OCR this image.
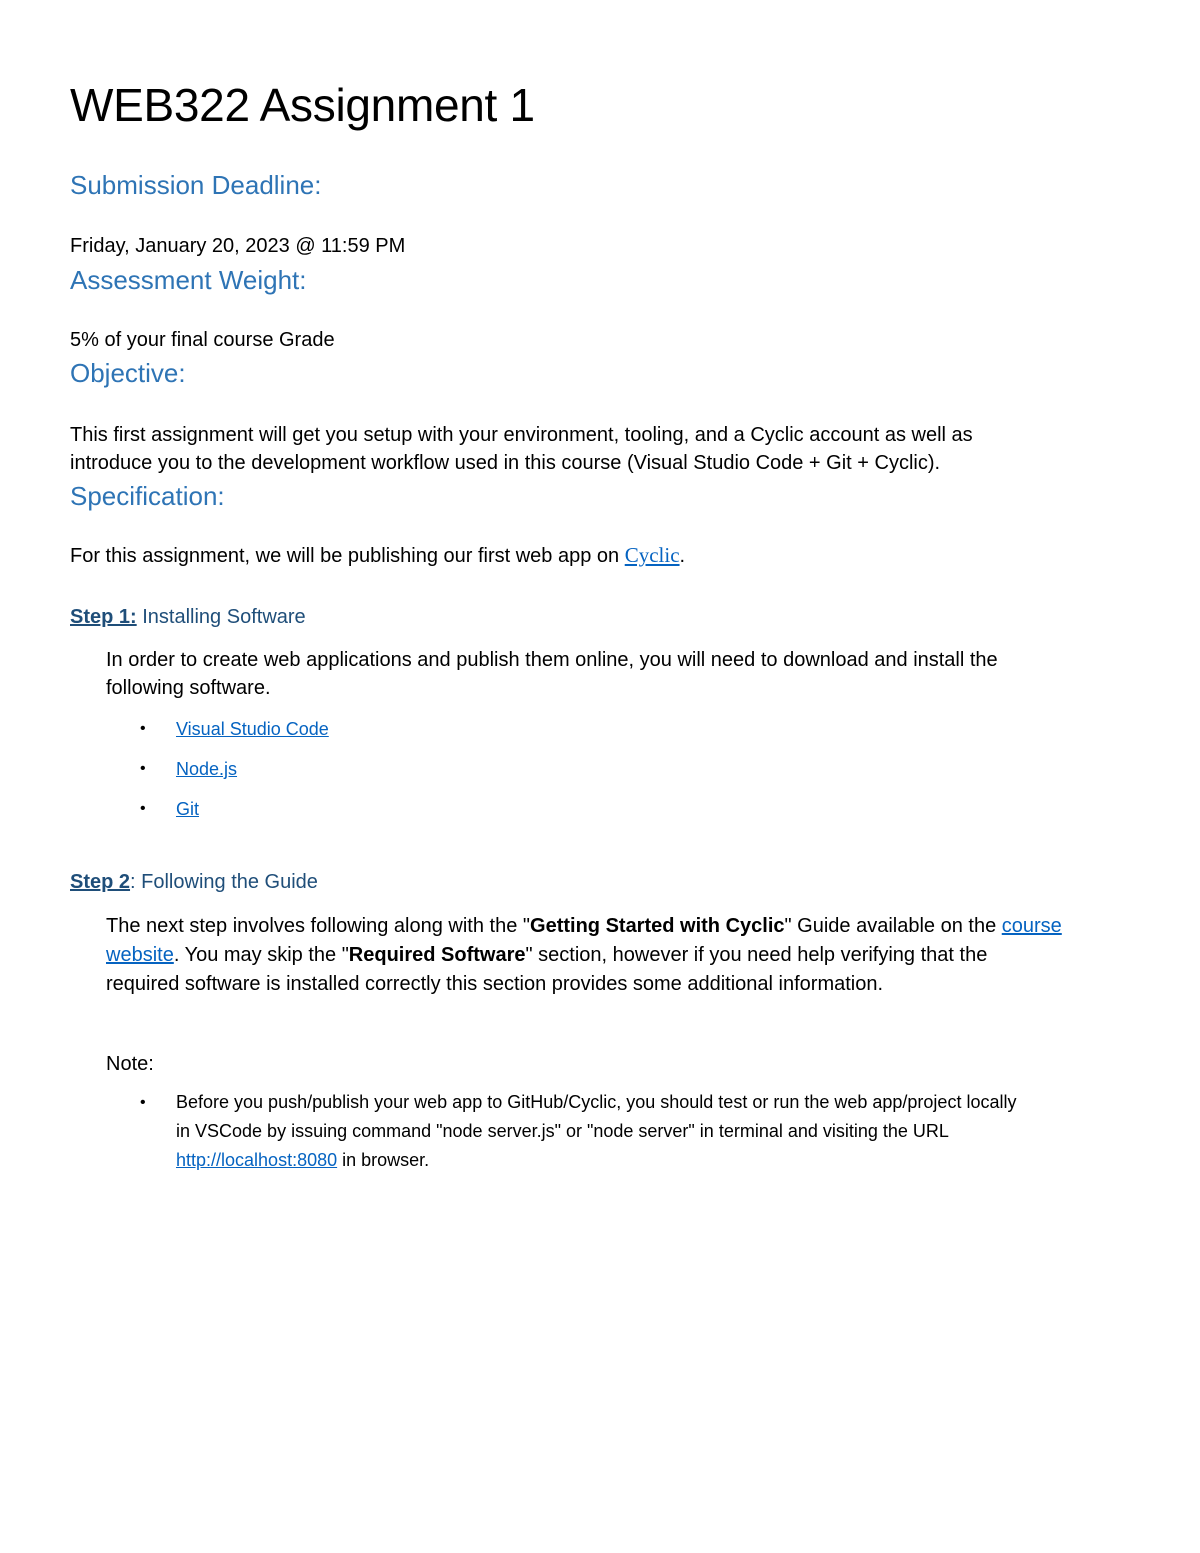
WEB322 Assignment 1
Submission Deadline:

Friday, January 20, 2023 @ 11:59 PM

Assessment Weight:

5% of your final course Grade

Objective:

This first assignment will get you setup with your environment, tooling, and a Cyclic account as well as

introduce you to the development workflow used in this course (Visual Studio Code + Git + Cyclic).

Specification:

For this assignment, we will be publishing our first web app on Cyclic.

Step 1: Installing Software

In order to create web applications and publish them online, you will need to download and install the

following software.

• Visual Studio Code
• Node.js
• Git

Step 2: Following the Guide

The next step involves following along with the "Getting Started with Cyclic" Guide available on the course

website. You may skip the "Required Software" section, however if you need help verifying that the

required software is installed correctly this section provides some additional information.

Note:

• Before you push/publish your web app to GitHub/Cyclic, you should test or run the web app/project locally
in VSCode by issuing command "node server.js" or "node server" in terminal and visiting the URL
http://localhost:8080 in browser.
